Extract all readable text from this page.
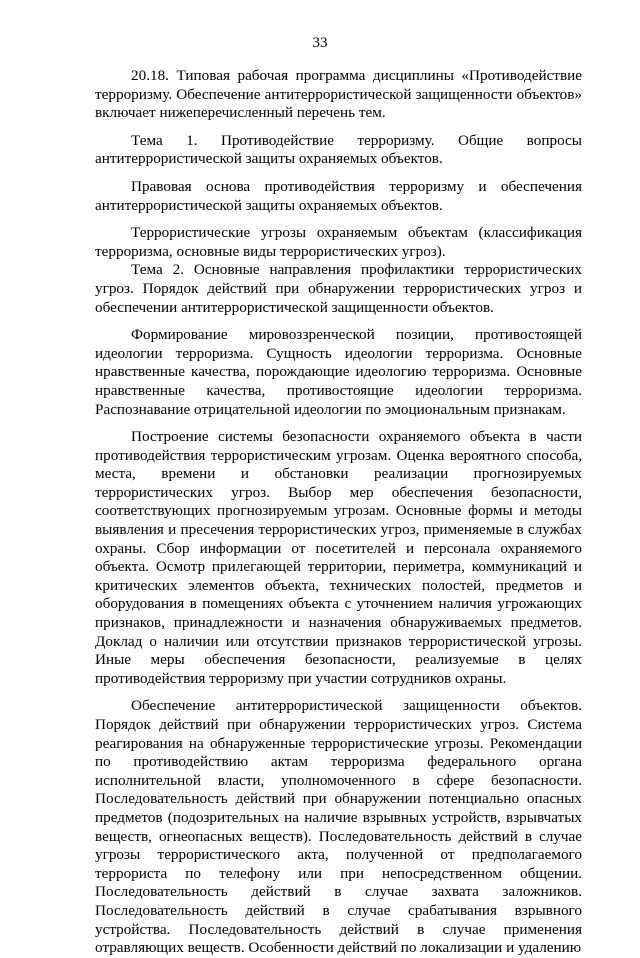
33

20.18. Типовая рабочая программа дисциплины «Противодействие терроризму. Обеспечение антитеррористической защищенности объектов» включает нижеперечисленный перечень тем.

Тема 1. Противодействие терроризму. Общие вопросы антитеррористической защиты охраняемых объектов.

Правовая основа противодействия терроризму и обеспечения антитеррористической защиты охраняемых объектов.

Террористические угрозы охраняемым объектам (классификация терроризма, основные виды террористических угроз).

Тема 2. Основные направления профилактики террористических угроз. Порядок действий при обнаружении террористических угроз и обеспечении антитеррористической защищенности объектов.

Формирование мировоззренческой позиции, противостоящей идеологии терроризма. Сущность идеологии терроризма. Основные нравственные качества, порождающие идеологию терроризма. Основные нравственные качества, противостоящие идеологии терроризма. Распознавание отрицательной идеологии по эмоциональным признакам.

Построение системы безопасности охраняемого объекта в части противодействия террористическим угрозам. Оценка вероятного способа, места, времени и обстановки реализации прогнозируемых террористических угроз. Выбор мер обеспечения безопасности, соответствующих прогнозируемым угрозам. Основные формы и методы выявления и пресечения террористических угроз, применяемые в службах охраны. Сбор информации от посетителей и персонала охраняемого объекта. Осмотр прилегающей территории, периметра, коммуникаций и критических элементов объекта, технических полостей, предметов и оборудования в помещениях объекта с уточнением наличия угрожающих признаков, принадлежности и назначения обнаруживаемых предметов. Доклад о наличии или отсутствии признаков террористической угрозы. Иные меры обеспечения безопасности, реализуемые в целях противодействия терроризму при участии сотрудников охраны.

Обеспечение антитеррористической защищенности объектов. Порядок действий при обнаружении террористических угроз. Система реагирования на обнаруженные террористические угрозы. Рекомендации по противодействию актам терроризма федерального органа исполнительной власти, уполномоченного в сфере безопасности. Последовательность действий при обнаружении потенциально опасных предметов (подозрительных на наличие взрывных устройств, взрывчатых веществ, огнеопасных веществ). Последовательность действий в случае угрозы террористического акта, полученной от предполагаемого террориста по телефону или при непосредственном общении. Последовательность действий в случае захвата заложников. Последовательность действий в случае срабатывания взрывного устройства. Последовательность действий в случае применения отравляющих веществ. Особенности действий по локализации и удалению
